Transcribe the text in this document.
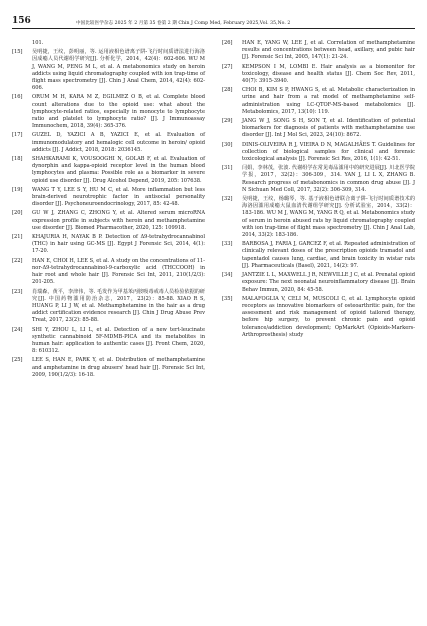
156	中国比较医学杂志 2025 年 2 月第 35 卷第 2 期 Chin J Comp Med, February 2025,Vol. 35,No. 2
101.
[15]	吴明捷，王纹，彭明丽，等. 运用液相色谱离子阱-飞行时间质谱法进行海洛因成瘾人员代谢组学研究[J]. 分析化学，2014，42(4)：602-606. WU M J, WANG M, PENG M L, et al. A metabonomics study on heroin addicts using liquid chromatography coupled with ion trap-time of flight mass spectrometry [J]. Chin J Anal Chem, 2014, 42(4): 602-606.
[16]	ORUM M H, KARA M Z, EGILMEZ O B, et al. Complete blood count alterations due to the opioid use: what about the lymphocyte-related ratios, especially in monocyte to lymphocyte ratio and platelet to lymphocyte ratio? [J]. J Immunoassay Immunochem, 2018, 39(4): 365-376.
[17]	GUZEL D, YAZICI A B, YAZICI E, et al. Evaluation of immunomodulatory and hemalogic cell outcome in heroin/ opioid addicts [J]. J Addict, 2018, 2018: 2036145.
[18]	SHAHKARAMI K, VOUSOOGHI N, GOLAB F, et al. Evaluation of dynorphin and kappa-opioid receptor level in the human blood lymphocytes and plasma: Possible role as a biomarker in severe opioid use disorder [J]. Drug Alcohol Depend, 2019, 205: 107638.
[19]	WANG T Y, LEE S Y, HU M C, et al. More inflammation but less brain-derived neurotrophic factor in antisocial personality disorder [J]. Psychoneuroendocrinology, 2017, 85: 42-48.
[20]	GU W J, ZHANG C, ZHONG Y, et al. Altered serum microRNA expression profile in subjects with heroin and methamphetamine use disorder [J]. Biomed Pharmacother, 2020, 125: 109918.
[21]	KHAJURIA H, NAYAK B P. Detection of Δ9-tetrahydrocannabinol (THC) in hair using GC-MS [J]. Egypt J Forensic Sci, 2014, 4(1): 17-20.
[22]	HAN E, CHOI H, LEE S, et al. A study on the concentrations of 11-nor-Δ9-tetrahydrocannabinol-9-carboxylic acid (THCCOOH) in hair root and whole hair [J]. Forensic Sci Int, 2011, 210(1/2/3): 201-205.
[23]	肖瑞森，黄平，李津伟，等. 毛发作为甲基苯丙胺吸毒戒毒人员检验依据的研究[J]. 中国药物滥用防治杂志，2017，23(2)：85-88. XIAO R S, HUANG P, LI J W, et al. Methamphetamine in the hair as a drug addict certification evidence research [J]. Chin J Drug Abuse Prev Treat, 2017, 23(2): 85-88.
[24]	SHI Y, ZHOU L, LI L, et al. Detection of a new tert-leucinate synthetic cannabinoid 5F-MDMB-PICA and its metabolites in human hair: application to authentic cases [J]. Front Chem, 2020, 8: 610312.
[25]	LEE S, HAN E, PARK Y, et al. Distribution of methamphetamine and amphetamine in drug abusers' head hair [J]. Forensic Sci Int, 2009, 190(1/2/3): 16-18.
[26]	HAN E, YANG W, LEE J, et al. Correlation of methamphetamine results and concentrations between head, axillary, and pubic hair [J]. Forensic Sci Int, 2005, 147(1): 21-24.
[27]	KEMPSON I M, LOMBI E. Hair analysis as a biomonitor for toxicology, disease and health status [J]. Chem Soc Rev, 2011, 40(7): 3915-3940.
[28]	CHOI B, KIM S P, HWANG S, et al. Metabolic characterization in urine and hair from a rat model of methamphetamine self-administration using LC-QTOF-MS-based metabolomics [J]. Metabolomics, 2017, 13(10): 119.
[29]	JANG W J, SONG S H, SON T, et al. Identification of potential biomarkers for diagnosis of patients with methamphetamine use disorder [J]. Int J Mol Sci, 2023, 24(10): 8672.
[30]	DINIS-OLIVEIRA R J, VIEIRA D N, MAGALHÃES T. Guidelines for collection of biological samples for clinical and forensic toxicological analysis [J]. Forensic Sci Res, 2016, 1(1): 42-51.
[31]	闫娟，李林茂，张波. 代谢组学在常见毒品滥用中的研究进展[J]. 川北医学院学报，2017，32(2)：306-309，314. YAN J, LI L X, ZHANG B. Research progress of metabonomics in common drug abuse [J]. J N Sichuan Med Coll, 2017, 32(2): 306-309, 314.
[32]	吴明捷，王纹，杨璐琴，等. 基于液相色谱联合离子阱-飞行时间质谱技术的海洛因滥用成瘾大鼠血清代谢组学研究[J]. 分析试验室，2014，33(2)：183-186. WU M J, WANG M, YANG R Q, et al. Metabonomics study of serum in heroin abused rats by liquid chromatography coupled with ion trap-time of flight mass spectrometry [J]. Chin J Anal Lab, 2014, 33(2): 183-186.
[33]	BARBOSA J, FARIA J, GARCEZ F, et al. Repeated administration of clinically relevant doses of the prescription opioids tramadol and tapentadol causes lung, cardiac, and brain toxicity in wistar rats [J]. Pharmaceuticals (Basel), 2021, 14(2): 97.
[34]	JANTZIE L L, MAXWELL J R, NEWVILLE J C, et al. Prenatal opioid exposure: The next neonatal neuroinflammatory disease [J]. Brain Behav Immun, 2020, 84: 45-58.
[35]	MALAFOGLIA V, CELI M, MUSCOLI C, et al. Lymphocyte opioid receptors as innovative biomarkers of osteoarthritic pain, for the assessment and risk management of opioid tailored therapy, before hip surgery, to prevent chronic pain and opioid tolerance/addiction development; OpMarkArt (Opioids-Markers-Arthroprosthesis) study
